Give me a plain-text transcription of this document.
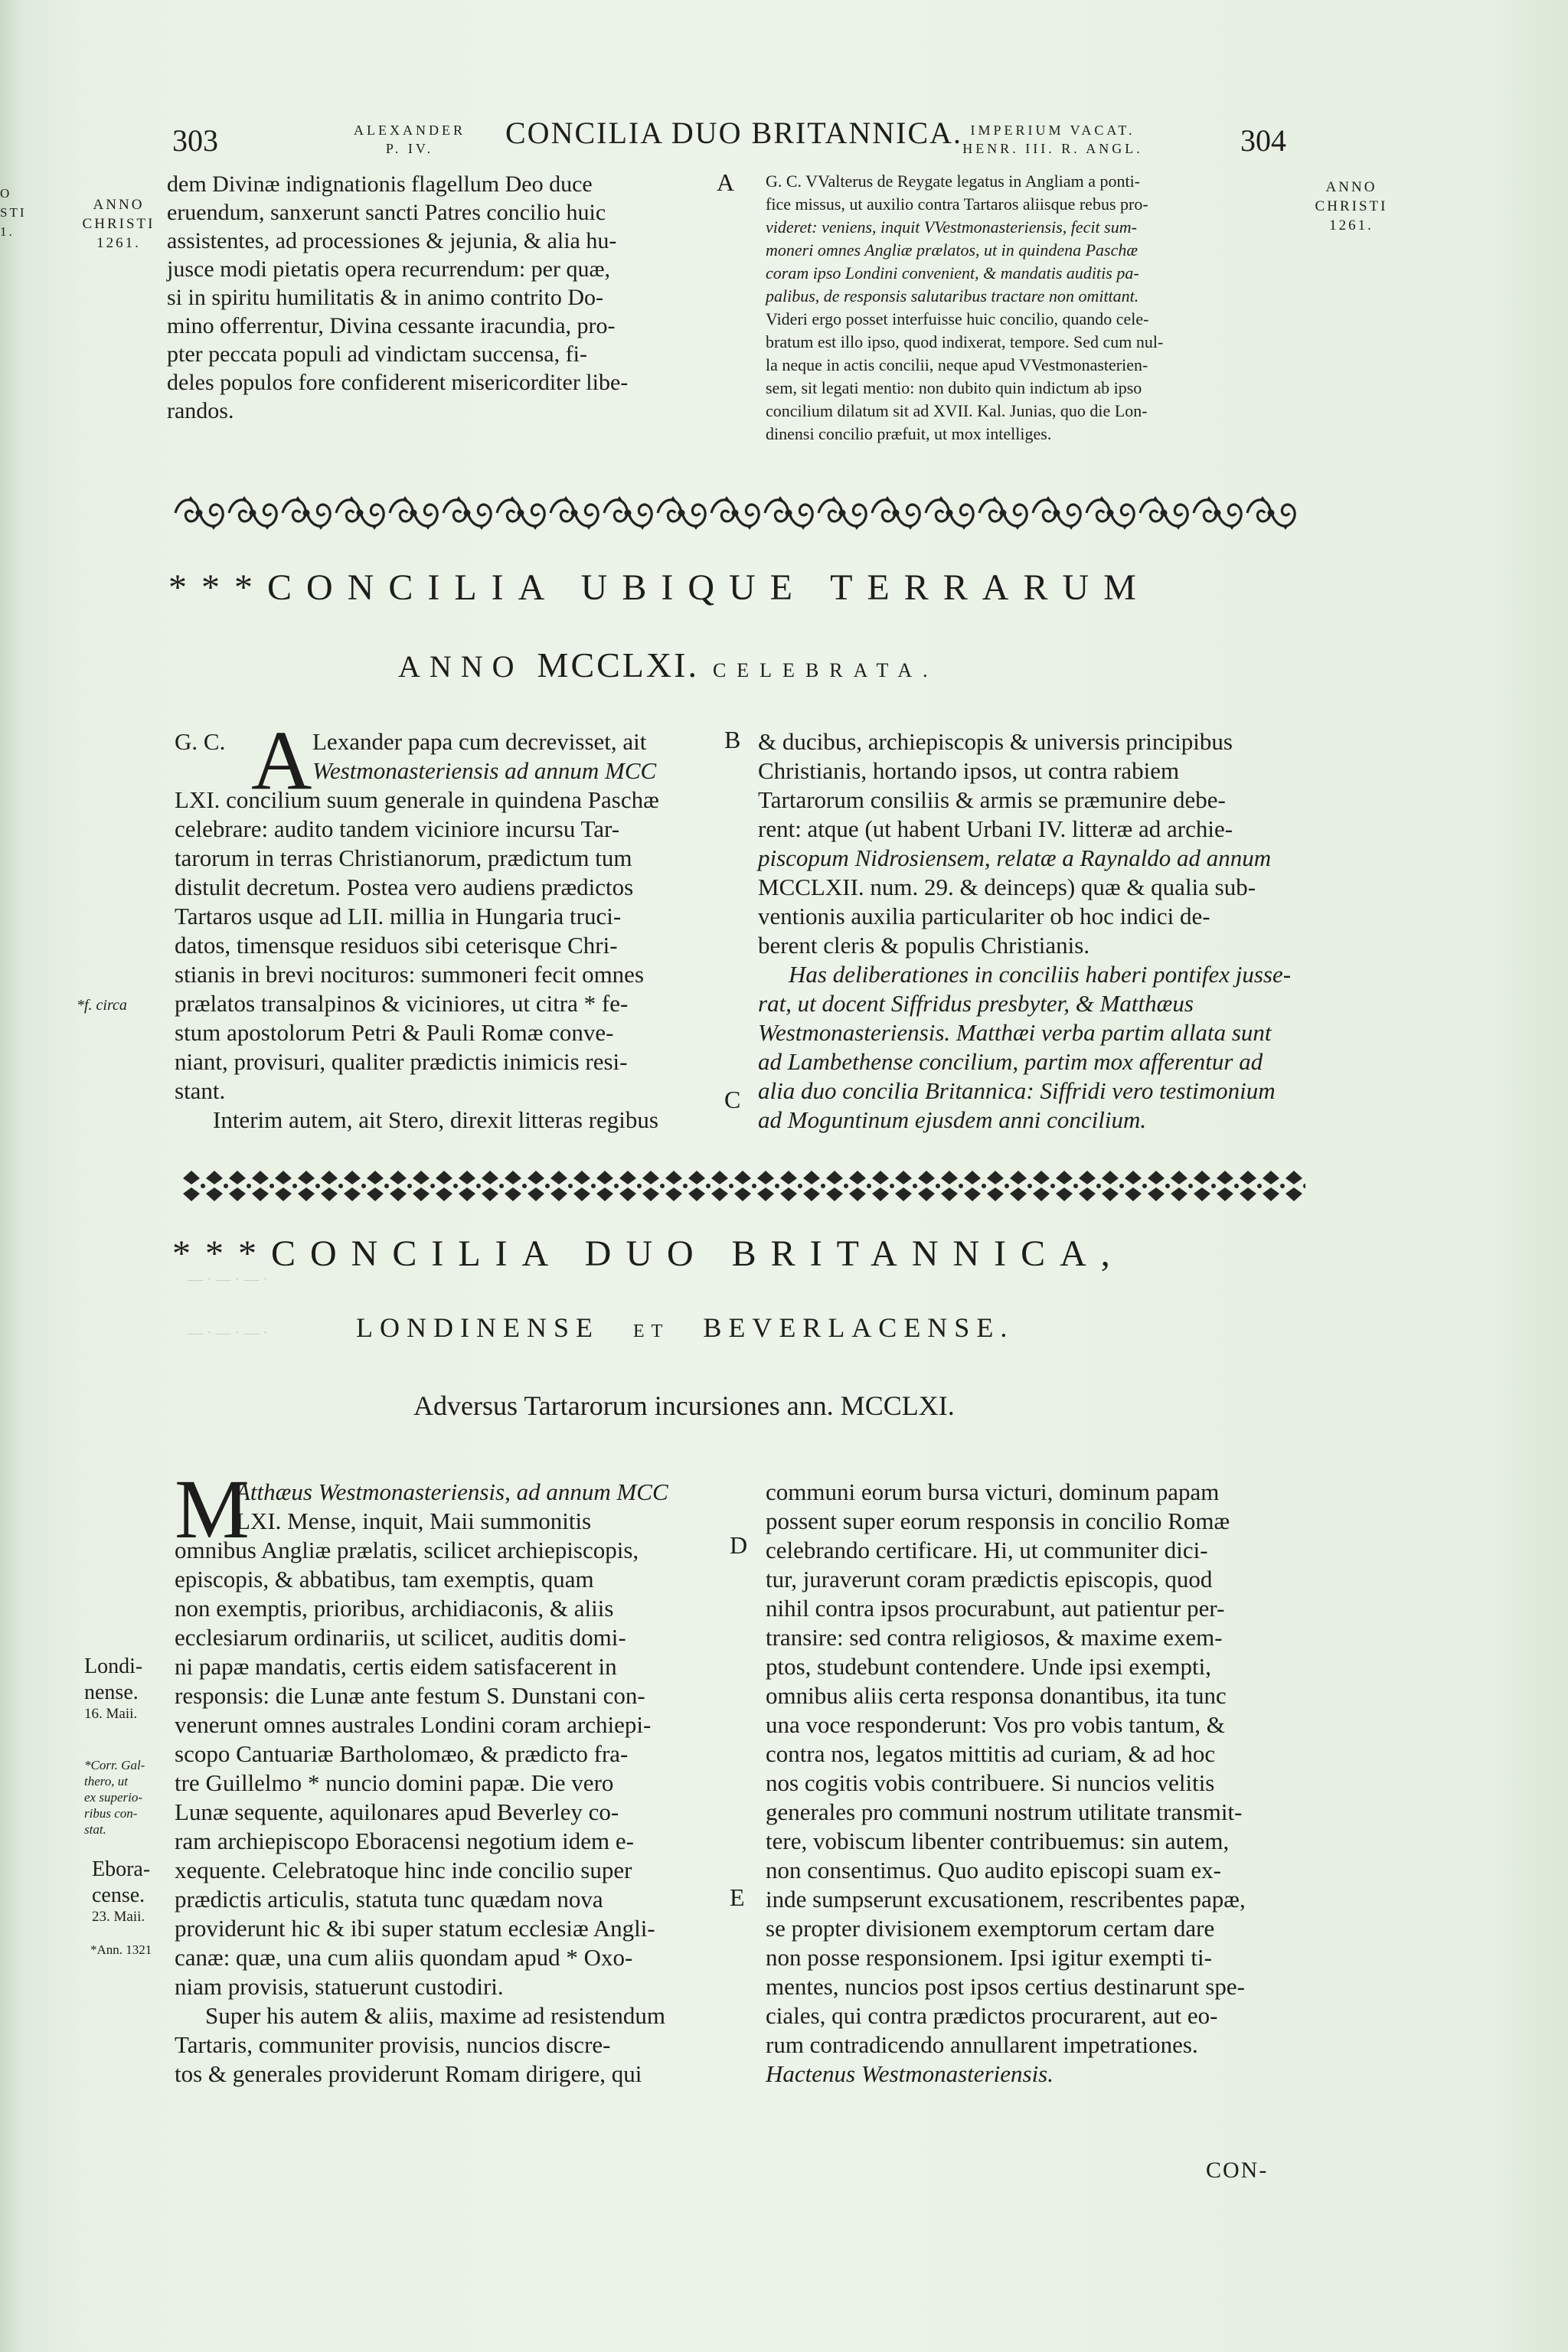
303	ALEXANDER
P. IV.	CONCILIA DUO BRITANNICA. IMPERIUM VACAT.
HENR. III. R. ANGL.	304
O
STI
1.
ANNO
CHRISTI
1261.
ANNO
CHRISTI
1261.
dem Divinæ indignationis flagellum Deo duce
eruendum, sanxerunt sancti Patres concilio huic
assistentes, ad processiones & jejunia, & alia hu-
jusce modi pietatis opera recurrendum: per quæ,
si in spiritu humilitatis & in animo contrito Do-
mino offerrentur, Divina cessante iracundia, pro-
pter peccata populi ad vindictam succensa, fi-
deles populos fore confiderent misericorditer libe-
randos.
A G. C. VValterus de Reygate legatus in Angliam a ponti-
fice missus, ut auxilio contra Tartaros aliisque rebus pro-
videret: veniens, inquit VVestmonasteriensis, fecit sum-
moneri omnes Angliæ prælatos, ut in quindena Paschæ
coram ipso Londini convenient, & mandatis auditis pa-
palibus, de responsis salutaribus tractare non omittant.
Videri ergo posset interfuisse huic concilio, quando cele-
bratum est illo ipso, quod indixerat, tempore. Sed cum nul-
la neque in actis concilii, neque apud VVestmonasterien-
sem, sit legati mentio: non dubito quin indictum ab ipso
concilium dilatum sit ad XVII. Kal. Junias, quo die Lon-
dinensi concilio præfuit, ut mox intelliges.
***CONCILIA UBIQUE TERRARUM
ANNO MCCLXI. CELEBRATA.
G. C. A Lexander papa cum decrevisset, ait
Westmonasteriensis ad annum MCC
LXI. concilium suum generale in quindena Paschæ
celebrare: audito tandem viciniore incursu Tar-
tarorum in terras Christianorum, prædictum tum
distulit decretum. Postea vero audiens prædictos
Tartaros usque ad LII. millia in Hungaria truci-
datos, timensque residuos sibi ceterisque Chri-
stianis in brevi nocituros: summoneri fecit omnes
prælatos transalpinos & viciniores, ut citra * fe-
stum apostolorum Petri & Pauli Romæ conve-
niant, provisuri, qualiter prædictis inimicis resi-
stant.
Interim autem, ait Stero, direxit litteras regibus
*f. circa
B
C
& ducibus, archiepiscopis & universis principibus
Christianis, hortando ipsos, ut contra rabiem
Tartarorum consiliis & armis se præmunire debe-
rent: atque (ut habent Urbani IV. litteræ ad archie-
piscopum Nidrosiensem, relatæ a Raynaldo ad annum
MCCLXII. num. 29. & deinceps) quæ & qualia sub-
ventionis auxilia particulariter ob hoc indici de-
berent cleris & populis Christianis.
Has deliberationes in conciliis haberi pontifex jusse-
rat, ut docent Siffridus presbyter, & Matthæus
Westmonasteriensis. Matthæi verba partim allata sunt
ad Lambethense concilium, partim mox afferentur ad
alia duo concilia Britannica: Siffridi vero testimonium
ad Moguntinum ejusdem anni concilium.
***CONCILIA DUO BRITANNICA,
LONDINENSE ET BEVERLACENSE.
Adversus Tartarorum incursiones ann. MCCLXI.
— · — · — ·
— · — · — ·
M
Atthæus Westmonasteriensis, ad annum MCC
LXI. Mense, inquit, Maii summonitis
omnibus Angliæ prælatis, scilicet archiepiscopis,
episcopis, & abbatibus, tam exemptis, quam
non exemptis, prioribus, archidiaconis, & aliis
ecclesiarum ordinariis, ut scilicet, auditis domi-
ni papæ mandatis, certis eidem satisfacerent in
responsis: die Lunæ ante festum S. Dunstani con-
venerunt omnes australes Londini coram archiepi-
scopo Cantuariæ Bartholomæo, & prædicto fra-
tre Guillelmo * nuncio domini papæ. Die vero
Lunæ sequente, aquilonares apud Beverley co-
ram archiepiscopo Eboracensi negotium idem e-
xequente. Celebratoque hinc inde concilio super
prædictis articulis, statuta tunc quædam nova
providerunt hic & ibi super statum ecclesiæ Angli-
canæ: quæ, una cum aliis quondam apud * Oxo-
niam provisis, statuerunt custodiri.
Super his autem & aliis, maxime ad resistendum
Tartaris, communiter provisis, nuncios discre-
tos & generales providerunt Romam dirigere, qui
D
E
Londi-
nense.
16. Maii.
*Corr. Gal-
thero, ut
ex superio-
ribus con-
stat.
Ebora-
cense.
23. Maii.
*Ann. 1321
communi eorum bursa victuri, dominum papam
possent super eorum responsis in concilio Romæ
celebrando certificare. Hi, ut communiter dici-
tur, juraverunt coram prædictis episcopis, quod
nihil contra ipsos procurabunt, aut patientur per-
transire: sed contra religiosos, & maxime exem-
ptos, studebunt contendere. Unde ipsi exempti,
omnibus aliis certa responsa donantibus, ita tunc
una voce responderunt: Vos pro vobis tantum, &
contra nos, legatos mittitis ad curiam, & ad hoc
nos cogitis vobis contribuere. Si nuncios velitis
generales pro communi nostrum utilitate transmit-
tere, vobiscum libenter contribuemus: sin autem,
non consentimus. Quo audito episcopi suam ex-
inde sumpserunt excusationem, rescribentes papæ,
se propter divisionem exemptorum certam dare
non posse responsionem. Ipsi igitur exempti ti-
mentes, nuncios post ipsos certius destinarunt spe-
ciales, qui contra prædictos procurarent, aut eo-
rum contradicendo annullarent impetrationes.
Hactenus Westmonasteriensis.
CON-
